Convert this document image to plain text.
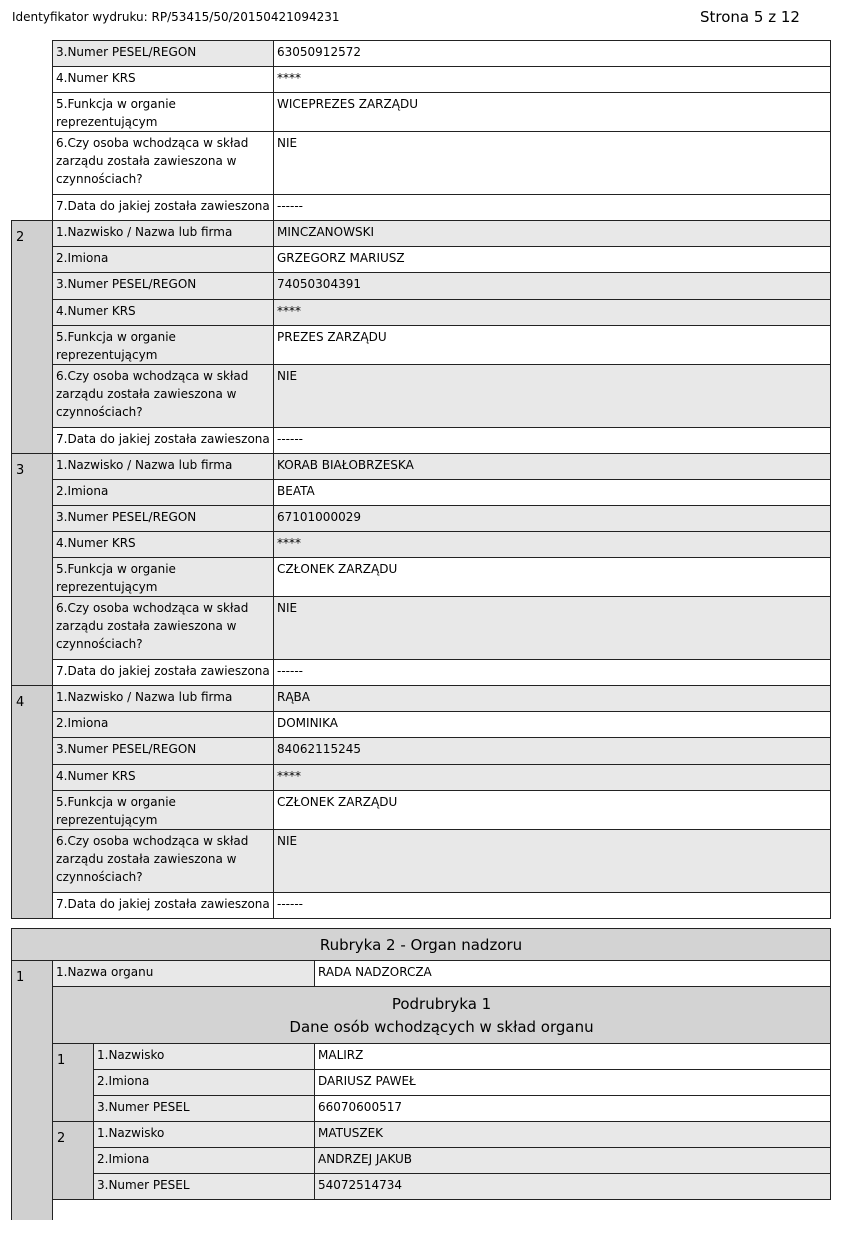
Identyfikator wydruku: RP/53415/50/20150421094231	Strona 5 z 12
	3.Numer PESEL/REGON	63050912572
	4.Numer KRS	****
	5.Funkcja w organie reprezentującym	WICEPREZES ZARZĄDU
	6.Czy osoba wchodząca w skład zarządu została zawieszona w czynnościach?	NIE
	7.Data do jakiej została zawieszona	------
2	1.Nazwisko / Nazwa lub firma	MINCZANOWSKI
	2.Imiona	GRZEGORZ MARIUSZ
	3.Numer PESEL/REGON	74050304391
	4.Numer KRS	****
	5.Funkcja w organie reprezentującym	PREZES ZARZĄDU
	6.Czy osoba wchodząca w skład zarządu została zawieszona w czynnościach?	NIE
	7.Data do jakiej została zawieszona	------
3	1.Nazwisko / Nazwa lub firma	KORAB BIAŁOBRZESKA
	2.Imiona	BEATA
	3.Numer PESEL/REGON	67101000029
	4.Numer KRS	****
	5.Funkcja w organie reprezentującym	CZŁONEK ZARZĄDU
	6.Czy osoba wchodząca w skład zarządu została zawieszona w czynnościach?	NIE
	7.Data do jakiej została zawieszona	------
4	1.Nazwisko / Nazwa lub firma	RĄBA
	2.Imiona	DOMINIKA
	3.Numer PESEL/REGON	84062115245
	4.Numer KRS	****
	5.Funkcja w organie reprezentującym	CZŁONEK ZARZĄDU
	6.Czy osoba wchodząca w skład zarządu została zawieszona w czynnościach?	NIE
	7.Data do jakiej została zawieszona	------
Rubryka 2 - Organ nadzoru			
1	1.Nazwa organu		RADA NADZORCZA

	Podrubryka 1
Dane osób wchodzących w skład organu		

	1	1.Nazwisko	MALIRZ
		2.Imiona	DARIUSZ PAWEŁ
		3.Numer PESEL	66070600517
	2	1.Nazwisko	MATUSZEK
		2.Imiona	ANDRZEJ JAKUB
		3.Numer PESEL	54072514734
